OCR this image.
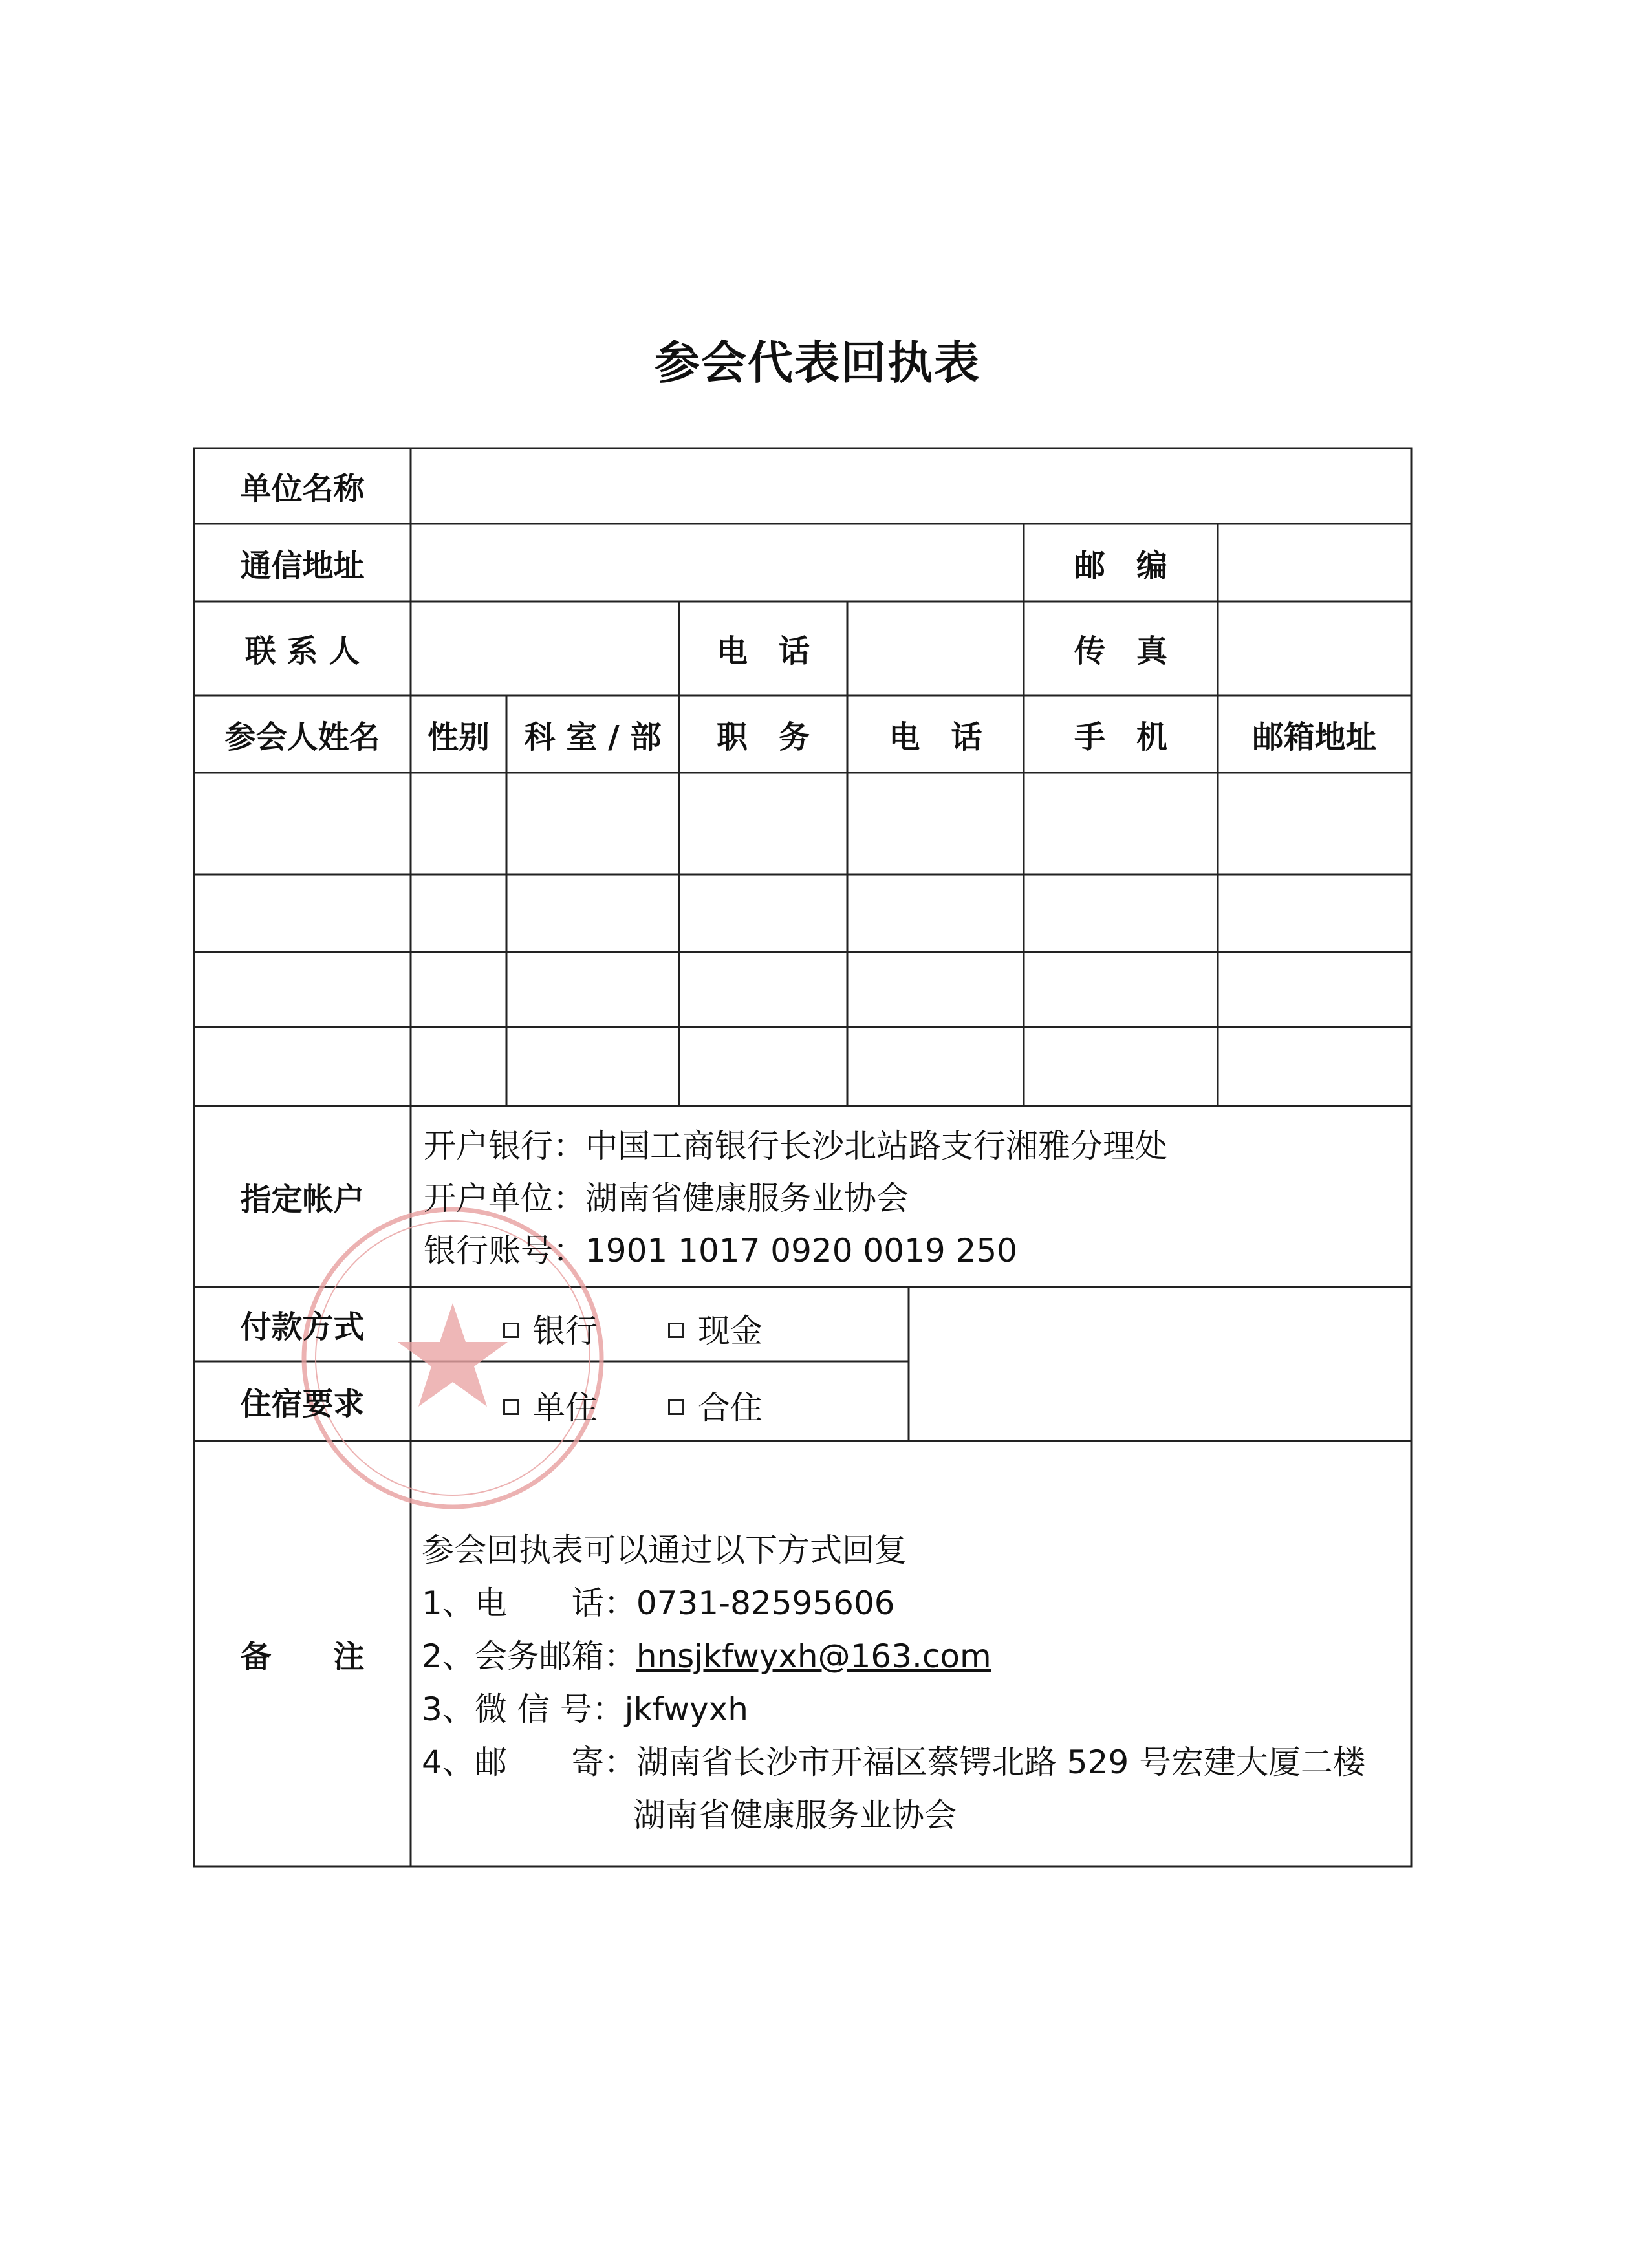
参会代表回执表
单位名称
通信地址	邮　编
联 系 人	电　话	传　真
参会人姓名	性别	科 室 / 部	职　务	电　话	手　机	邮箱地址
指定帐户
开户银行：中国工商银行长沙北站路支行湘雅分理处
开户单位：湖南省健康服务业协会
银行账号：1901 1017 0920 0019 250
付款方式	银行	现金
住宿要求	单住	合住
备　　注
参会回执表可以通过以下方式回复
1、电　　话：0731-82595606
2、会务邮箱：hnsjkfwyxh@163.com
3、微 信 号：jkfwyxh
4、邮　　寄：湖南省长沙市开福区蔡锷北路 529 号宏建大厦二楼
湖南省健康服务业协会
